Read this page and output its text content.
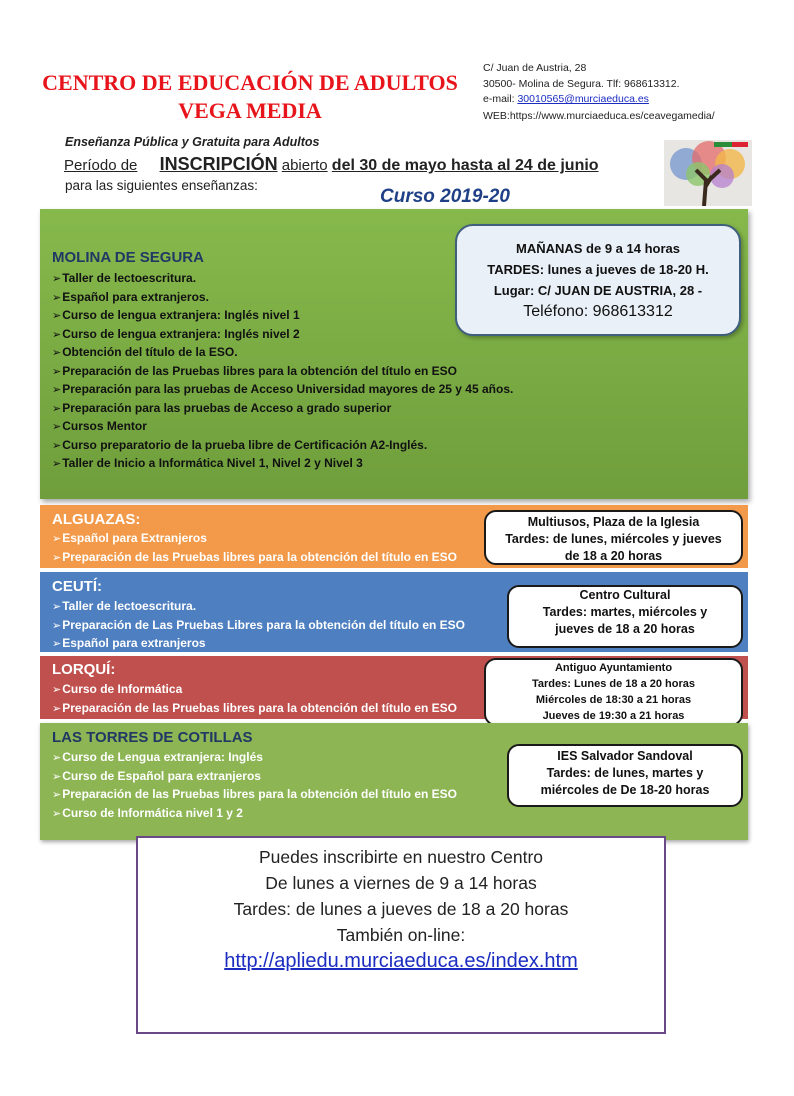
CENTRO DE EDUCACIÓN DE ADULTOS
VEGA MEDIA
C/ Juan de Austria, 28
30500- Molina de Segura. Tlf: 968613312.
e-mail: 30010565@murciaeduca.es
WEB:https://www.murciaeduca.es/ceavegamedia/
Enseñanza Pública y Gratuita para Adultos
Período de INSCRIPCIÓN abierto del 30 de mayo hasta al 24 de junio
para las siguientes enseñanzas:
Curso 2019-20
MOLINA DE SEGURA
➢ Taller de lectoescritura.
➢ Español para extranjeros.
➢ Curso de lengua extranjera: Inglés nivel 1
➢ Curso de lengua extranjera: Inglés nivel 2
➢ Obtención del título de la ESO.
➢ Preparación de las Pruebas libres para la obtención del título en ESO
➢ Preparación para las pruebas de Acceso Universidad mayores de 25 y 45 años.
➢ Preparación para las pruebas de Acceso a grado superior
➢ Cursos Mentor
➢ Curso preparatorio de la prueba libre de Certificación A2-Inglés.
➢ Taller de Inicio a Informática Nivel 1, Nivel 2 y Nivel 3
MAÑANAS de 9 a 14 horas
TARDES: lunes a jueves de 18-20 H.
Lugar: C/ JUAN DE AUSTRIA, 28 -
Teléfono: 968613312
ALGUAZAS:
➢ Español para Extranjeros
➢ Preparación de las Pruebas libres para la obtención del título en ESO
Multiusos, Plaza de la Iglesia
Tardes: de lunes, miércoles y jueves
de 18 a 20 horas
CEUTÍ:
➢ Taller de lectoescritura.
➢ Preparación de Las Pruebas Libres para la obtención del título en ESO
➢ Español para extranjeros
Centro Cultural
Tardes: martes, miércoles y
jueves de 18 a 20 horas
LORQUÍ:
➢ Curso de Informática
➢ Preparación de las Pruebas libres para la obtención del título en ESO
Antiguo Ayuntamiento
Tardes: Lunes de 18 a 20 horas
Miércoles de 18:30 a 21 horas
Jueves de 19:30 a 21 horas
LAS TORRES DE COTILLAS
➢ Curso de Lengua extranjera: Inglés
➢ Curso de Español para extranjeros
➢ Preparación de las Pruebas libres para la obtención del título en ESO
➢ Curso de Informática nivel 1 y 2
IES Salvador Sandoval
Tardes: de lunes, martes y
miércoles de De 18-20 horas
Puedes inscribirte en nuestro Centro
De lunes a viernes de 9 a 14 horas
Tardes: de lunes a jueves de 18 a 20 horas
También on-line:
http://apliedu.murciaeduca.es/index.htm
